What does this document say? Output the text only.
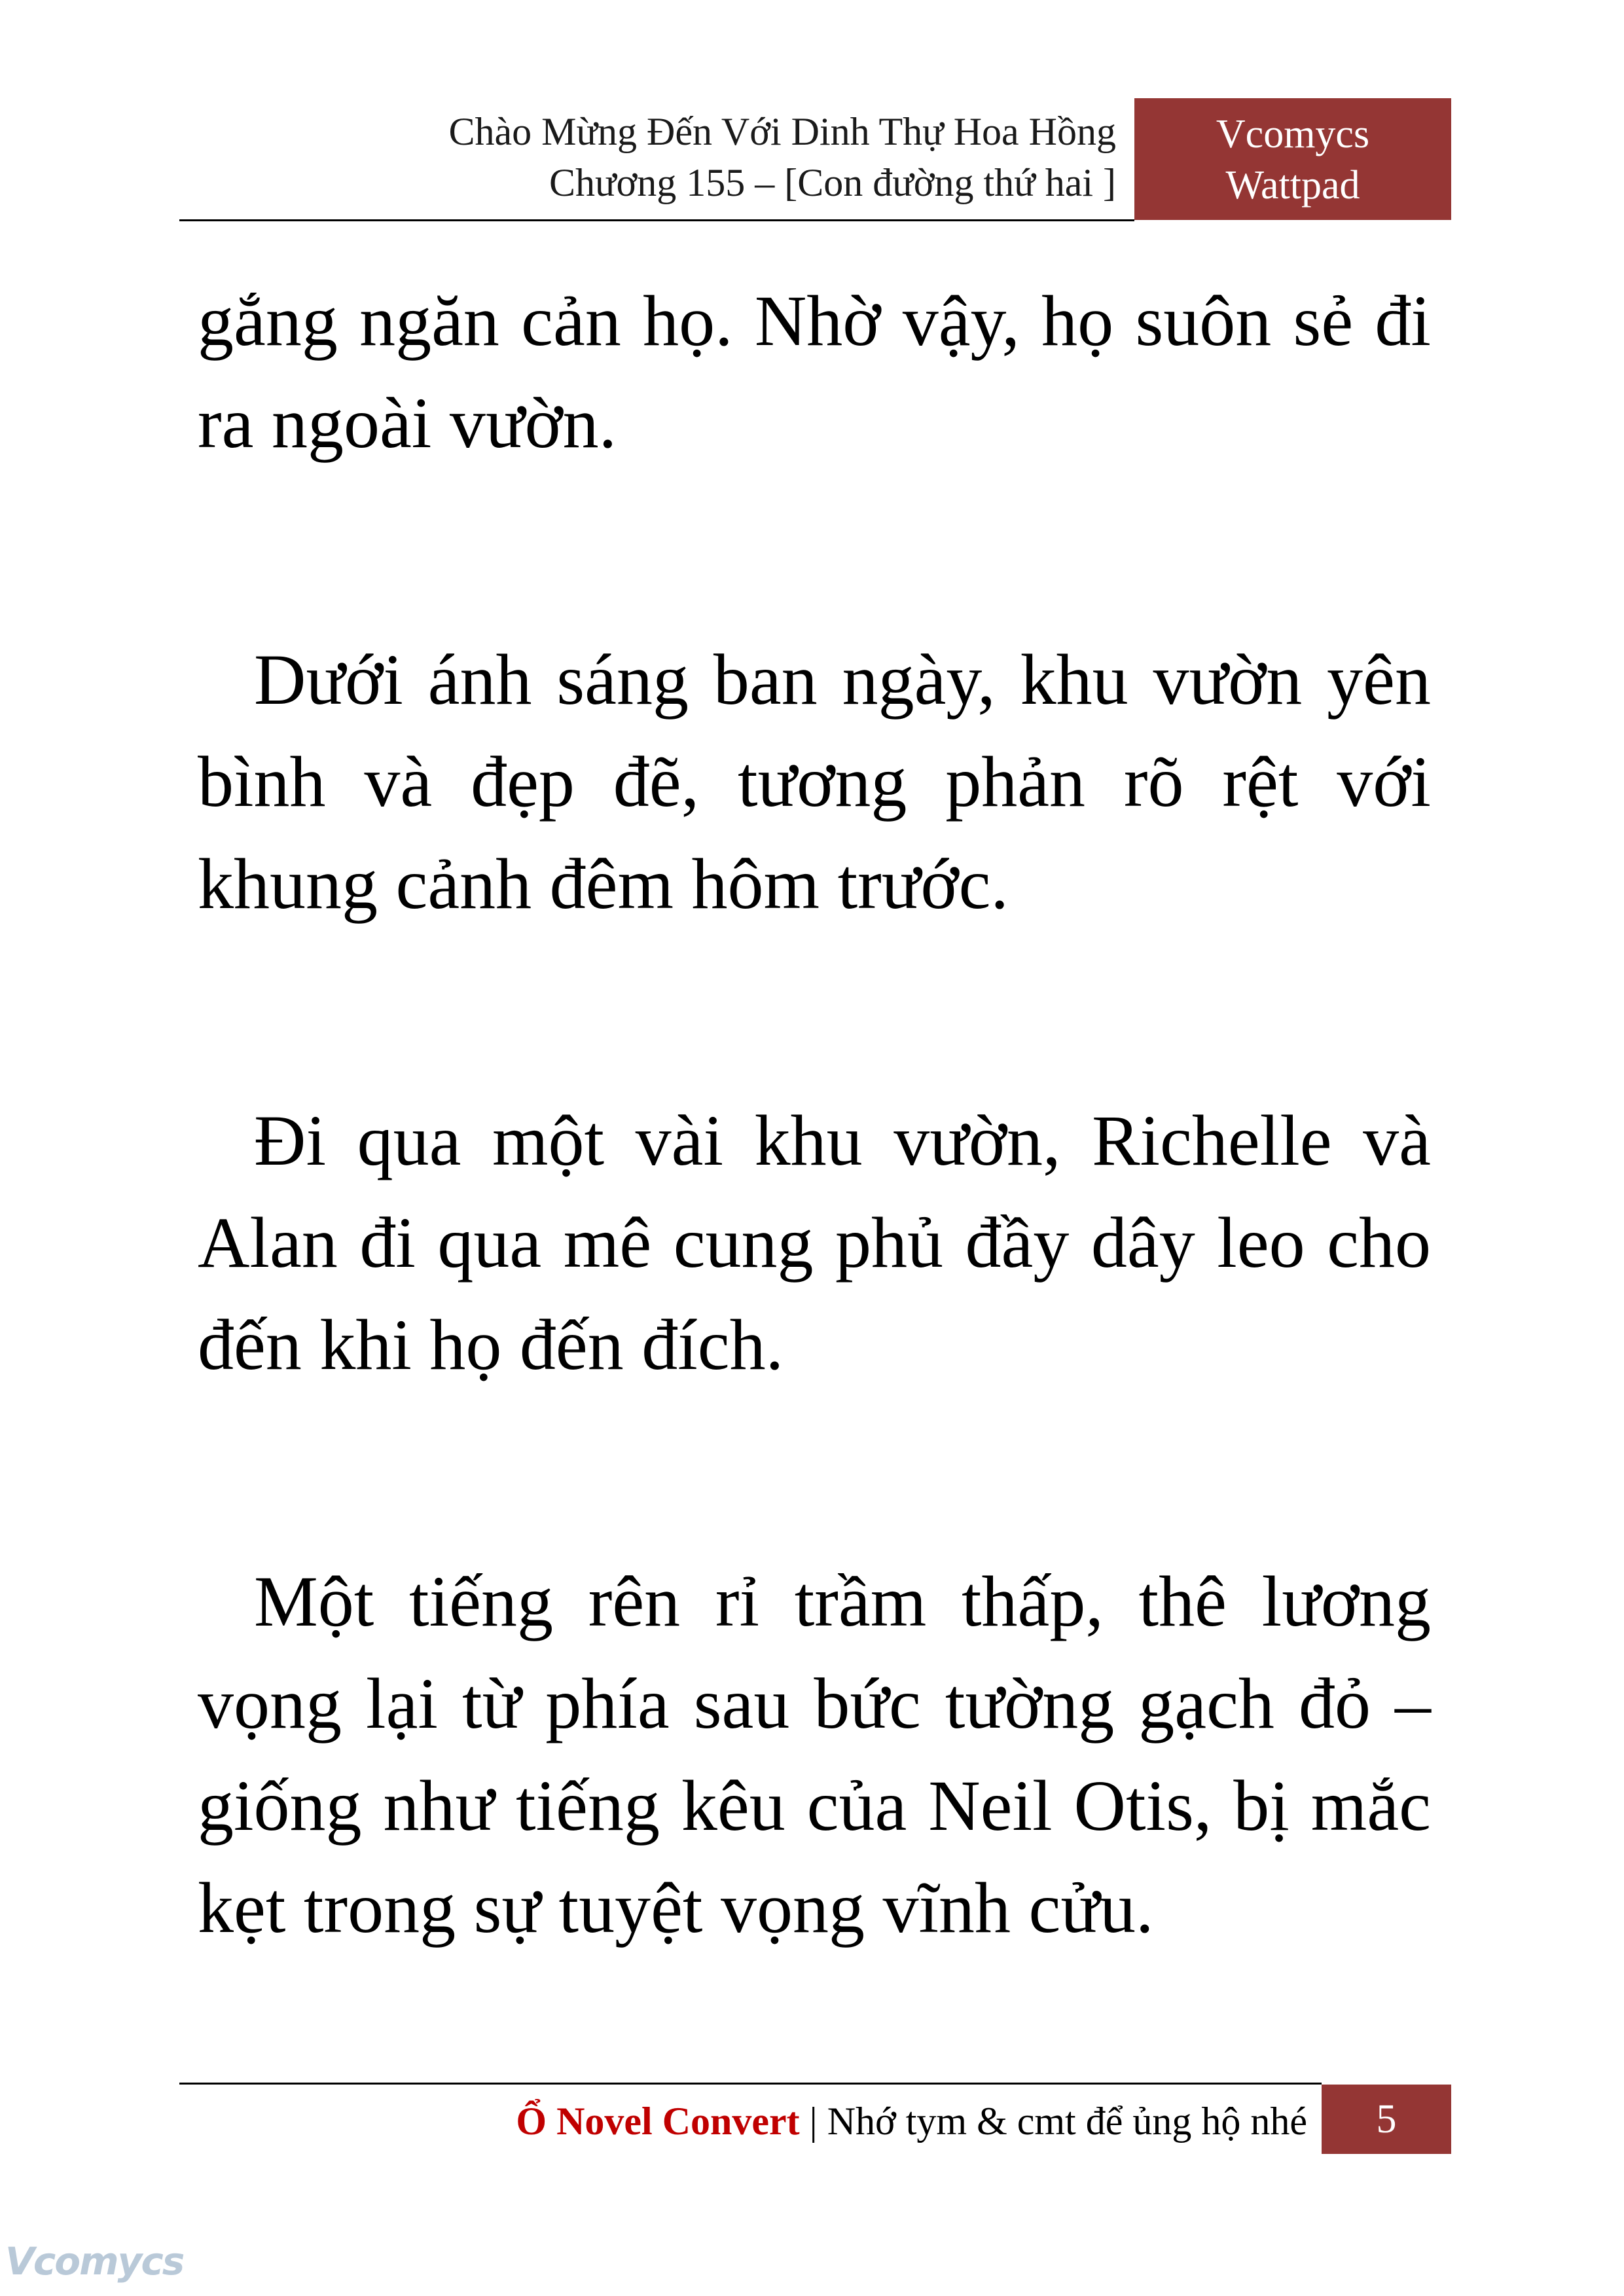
Chào Mừng Đến Với Dinh Thự Hoa Hồng
Chương 155 – [Con đường thứ hai ]
Vcomycs
Wattpad

gắng ngăn cản họ. Nhờ vậy, họ suôn sẻ đi ra ngoài vườn.

Dưới ánh sáng ban ngày, khu vườn yên bình và đẹp đẽ, tương phản rõ rệt với khung cảnh đêm hôm trước.

Đi qua một vài khu vườn, Richelle và Alan đi qua mê cung phủ đầy dây leo cho đến khi họ đến đích.

Một tiếng rên rỉ trầm thấp, thê lương vọng lại từ phía sau bức tường gạch đỏ – giống như tiếng kêu của Neil Otis, bị mắc kẹt trong sự tuyệt vọng vĩnh cửu.

Ổ Novel Convert | Nhớ tym & cmt để ủng hộ nhé	5
Vcomycs
